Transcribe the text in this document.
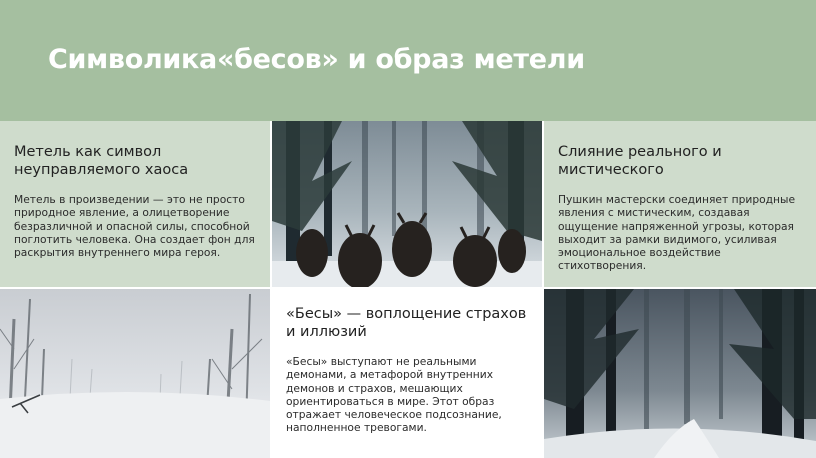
Символика«бесов» и образ метели
Метель как символ неуправляемого хаоса

Метель в произведении — это не просто природное явление, а олицетворение безразличной и опасной силы, способной поглотить человека. Она создает фон для раскрытия внутреннего мира героя.

Слияние реального и мистического

Пушкин мастерски соединяет природные явления с мистическим, создавая ощущение напряженной угрозы, которая выходит за рамки видимого, усиливая эмоциональное воздействие стихотворения.

«Бесы» — воплощение страхов и иллюзий

«Бесы» выступают не реальными демонами, а метафорой внутренних демонов и страхов, мешающих ориентироваться в мире. Этот образ отражает человеческое подсознание, наполненное тревогами.
